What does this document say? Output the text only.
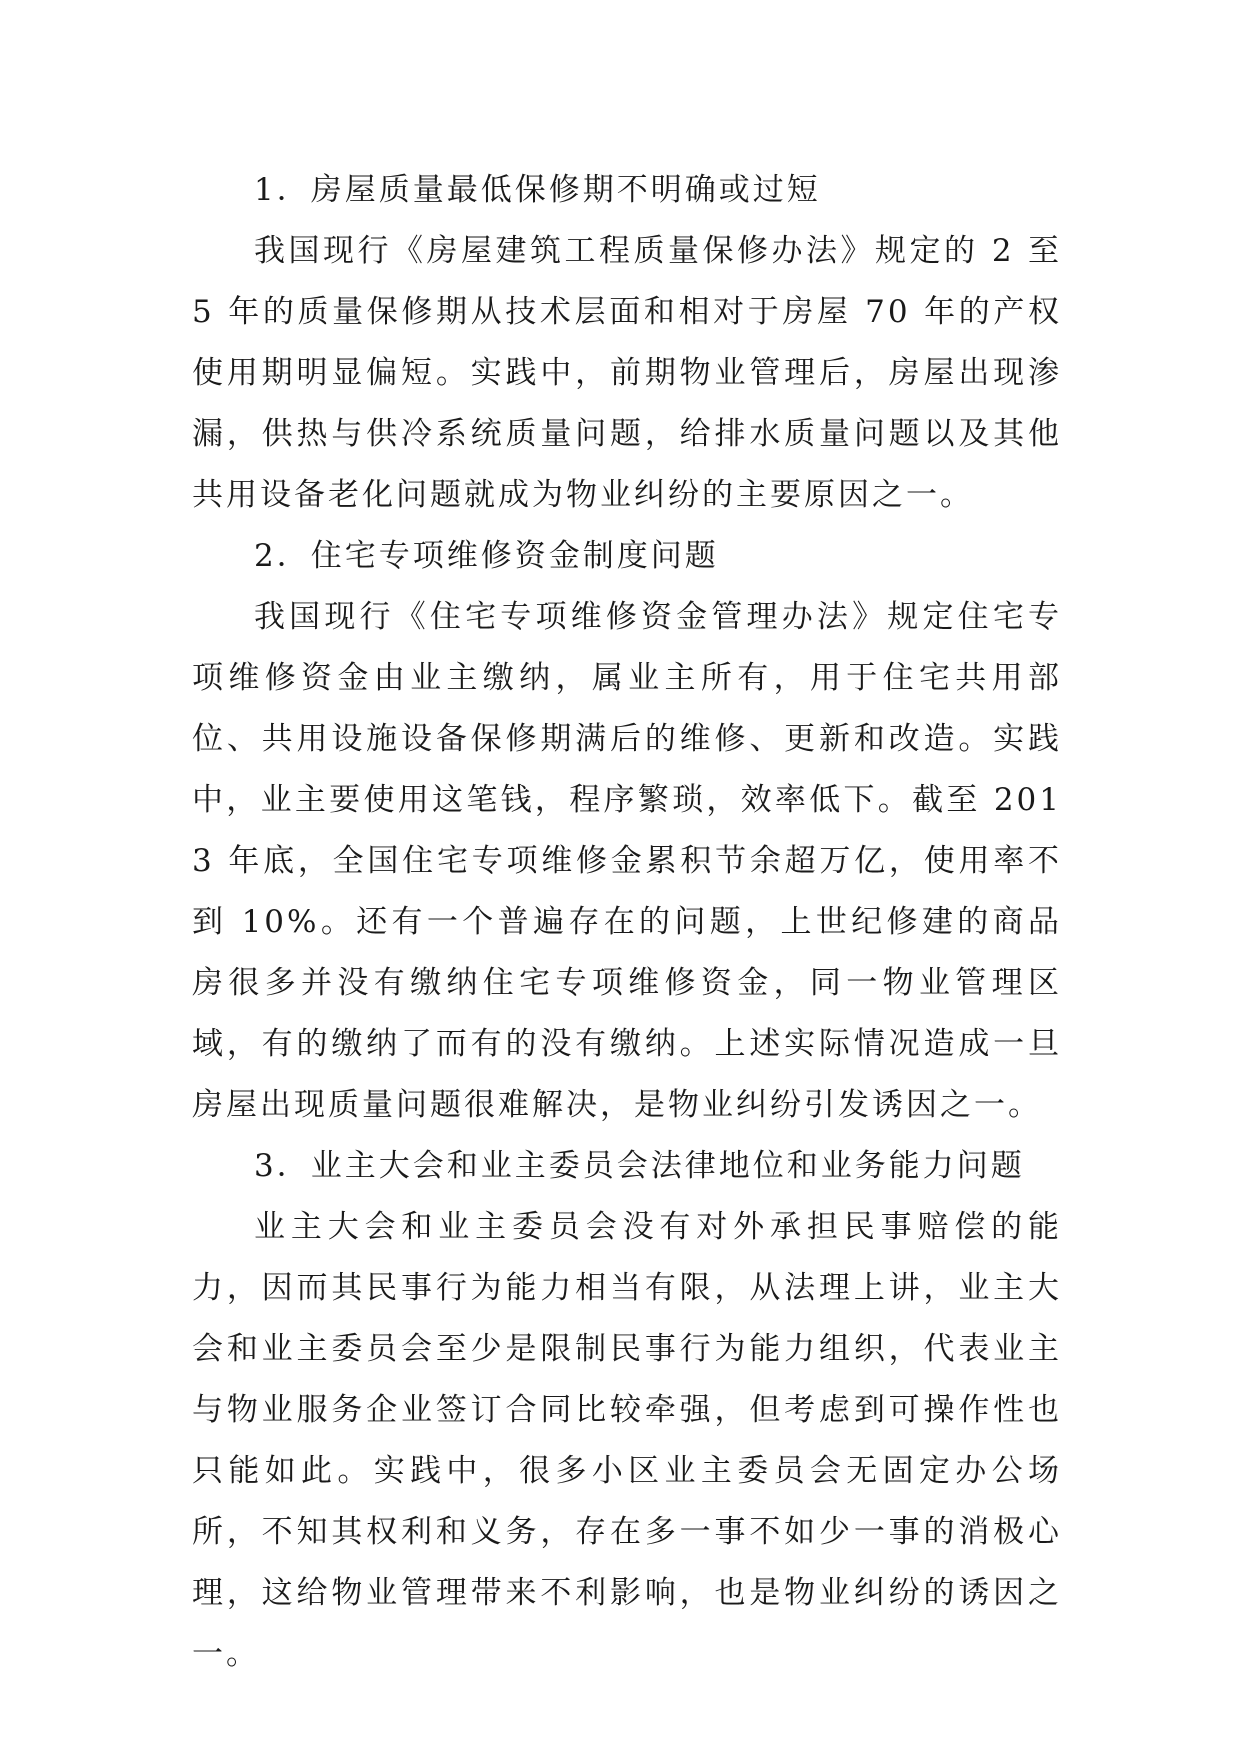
1．房屋质量最低保修期不明确或过短

我国现行《房屋建筑工程质量保修办法》规定的 2 至 5 年的质量保修期从技术层面和相对于房屋 70 年的产权使用期明显偏短。实践中，前期物业管理后，房屋出现渗漏，供热与供冷系统质量问题，给排水质量问题以及其他共用设备老化问题就成为物业纠纷的主要原因之一。

2．住宅专项维修资金制度问题

我国现行《住宅专项维修资金管理办法》规定住宅专项维修资金由业主缴纳，属业主所有，用于住宅共用部位、共用设施设备保修期满后的维修、更新和改造。实践中，业主要使用这笔钱，程序繁琐，效率低下。截至 2013 年底，全国住宅专项维修金累积节余超万亿，使用率不到 10%。还有一个普遍存在的问题，上世纪修建的商品房很多并没有缴纳住宅专项维修资金，同一物业管理区域，有的缴纳了而有的没有缴纳。上述实际情况造成一旦房屋出现质量问题很难解决，是物业纠纷引发诱因之一。

3．业主大会和业主委员会法律地位和业务能力问题

业主大会和业主委员会没有对外承担民事赔偿的能力，因而其民事行为能力相当有限，从法理上讲，业主大会和业主委员会至少是限制民事行为能力组织，代表业主与物业服务企业签订合同比较牵强，但考虑到可操作性也只能如此。实践中，很多小区业主委员会无固定办公场所，不知其权利和义务，存在多一事不如少一事的消极心理，这给物业管理带来不利影响，也是物业纠纷的诱因之一。
